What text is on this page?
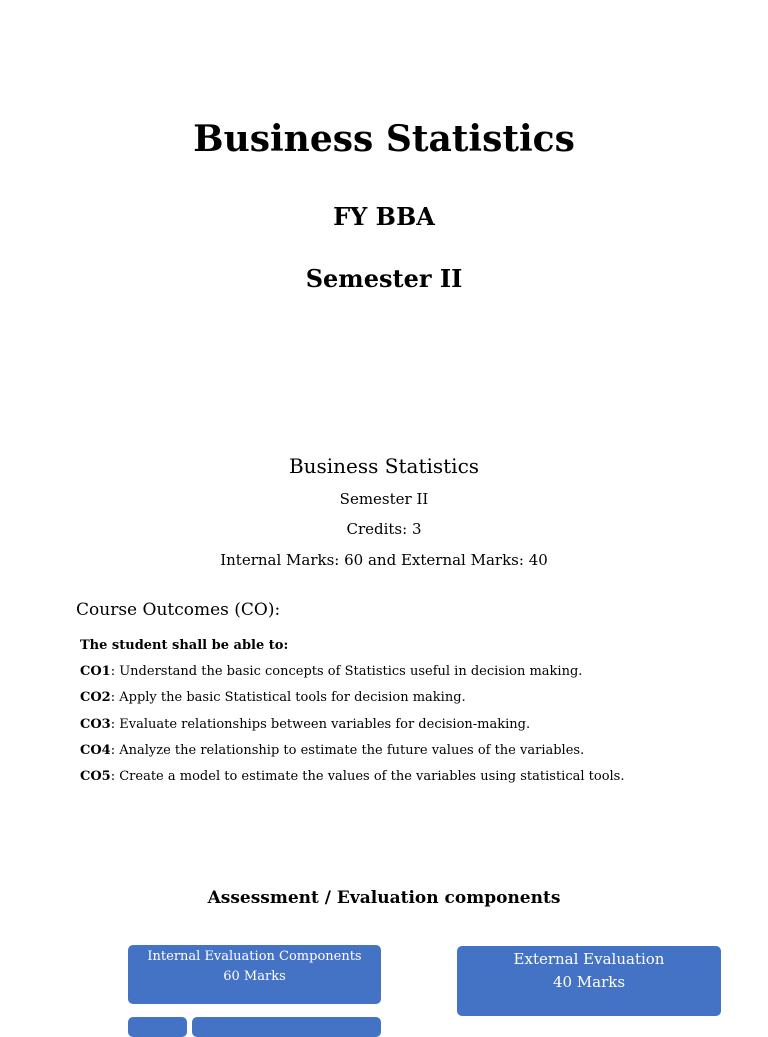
Business Statistics
FY BBA
Semester II
Business Statistics
Semester II
Credits: 3
Internal Marks: 60 and External Marks: 40
Course Outcomes (CO):
The student shall be able to:
CO1: Understand the basic concepts of Statistics useful in decision making.
CO2: Apply the basic Statistical tools for decision making.
CO3: Evaluate relationships between variables for decision-making.
CO4: Analyze the relationship to estimate the future values of the variables.
CO5: Create a model to estimate the values of the variables using statistical tools.
Assessment / Evaluation components
Internal Evaluation Components
60 Marks
External Evaluation
40 Marks
